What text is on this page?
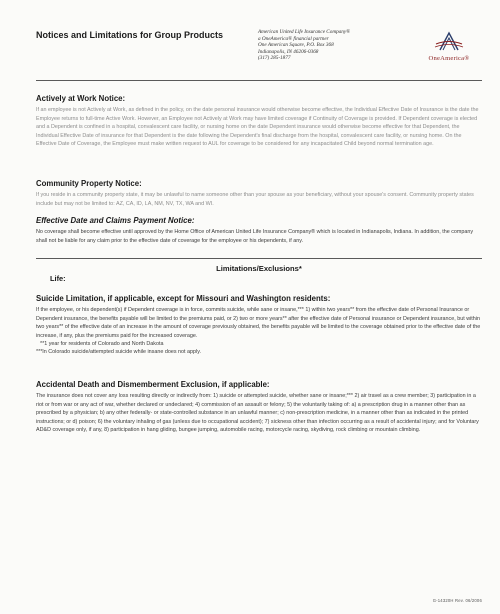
Notices and Limitations for Group Products	American United Life Insurance Company®
a OneAmerica® financial partner
One American Square, P.O. Box 368
Indianapolis, IN 46206-0368
(317) 285-1877	OneAmerica®

Actively at Work Notice:

If an employee is not Actively at Work, as defined in the policy, on the date personal insurance would otherwise become effective, the Individual Effective Date of Insurance is the date the Employee returns to full-time Active Work. However, an Employee not Actively at Work may have limited coverage if Continuity of Coverage is provided. If Dependent coverage is elected and a Dependent is confined in a hospital, convalescent care facility, or nursing home on the date Dependent insurance would otherwise become effective for that Dependent, the Individual Effective Date of insurance for that Dependent is the date following the Dependent's final discharge from the hospital, convalescent care facility, or nursing home. On the Effective Date of Coverage, the Employee must make written request to AUL for coverage to be considered for any incapacitated Child beyond normal termination age.

Community Property Notice:

If you reside in a community property state, it may be unlawful to name someone other than your spouse as your beneficiary, without your spouse's consent. Community property states include but may not be limited to: AZ, CA, ID, LA, NM, NV, TX, WA and WI.

Effective Date and Claims Payment Notice:

No coverage shall become effective until approved by the Home Office of American United Life Insurance Company® which is located in Indianapolis, Indiana. In addition, the company shall not be liable for any claim prior to the effective date of coverage for the employee or his dependents, if any.

Limitations/Exclusions*
Life:

Suicide Limitation, if applicable, except for Missouri and Washington residents:

If the employee, or his dependent(s) if Dependent coverage is in force, commits suicide, while sane or insane,*** 1) within two years** from the effective date of Personal Insurance or Dependent insurance, the benefits payable will be limited to the premiums paid, or 2) two or more years** after the effective date of Personal insurance or Dependent insurance, but within two years** of the effective date of an increase in the amount of coverage previously obtained, the benefits payable will be limited to the coverage obtained prior to the effective date of the increase, if any, plus the premiums paid for the increased coverage.

**1 year for residents of Colorado and North Dakota

***In Colorado suicide/attempted suicide while insane does not apply.

Accidental Death and Dismemberment Exclusion, if applicable:

The insurance does not cover any loss resulting directly or indirectly from: 1) suicide or attempted suicide, whether sane or insane;*** 2) air travel as a crew member; 3) participation in a riot or from war or any act of war, whether declared or undeclared; 4) commission of an assault or felony; 5) the voluntarily taking of: a) a prescription drug in a manner other than as prescribed by a physician; b) any other federally- or state-controlled substance in an unlawful manner; c) non-prescription medicine, in a manner other than as indicated in the printed instructions; or d) poison; 6) the voluntary inhaling of gas (unless due to occupational accident); 7) sickness other than infection occurring as a result of accidental injury; and for Voluntary AD&D coverage only, if any, 8) participation in hang gliding, bungee jumping, automobile racing, motorcycle racing, skydiving, rock climbing or mountain climbing.

G-14320H Rev. 06/2006
